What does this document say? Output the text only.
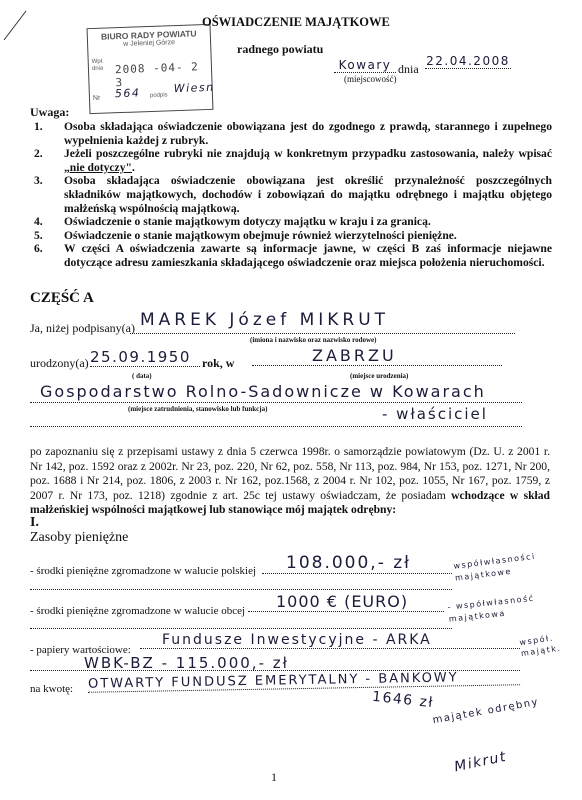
BIURO RADY POWIATU
w Jeleniej Górze
Wpł.
dnia 2008 -04- 2 3
Nr 564 podpis
Wiesn
OŚWIADCZENIE MAJĄTKOWE
radnego powiatu
Kowary dnia
22.04.2008
(miejscowość)
Uwaga:
1.	Osoba składająca oświadczenie obowiązana jest do zgodnego z prawdą, starannego i zupełnego wypełnienia każdej z rubryk.
2.	Jeżeli poszczególne rubryki nie znajdują w konkretnym przypadku zastosowania, należy wpisać „nie dotyczy".
3.	Osoba składająca oświadczenie obowiązana jest określić przynależność poszczególnych składników majątkowych, dochodów i zobowiązań do majątku odrębnego i majątku objętego małżeńską wspólnością majątkową.
4.	Oświadczenie o stanie majątkowym dotyczy majątku w kraju i za granicą.
5.	Oświadczenie o stanie majątkowym obejmuje również wierzytelności pieniężne.
6.	W części A oświadczenia zawarte są informacje jawne, w części B zaś informacje niejawne dotyczące adresu zamieszkania składającego oświadczenie oraz miejsca położenia nieruchomości.
CZĘŚĆ A
Ja, niżej podpisany(a) MAREK Józef MIKRUT
(imiona i nazwisko oraz nazwisko rodowe)
urodzony(a) 25.09.1950 rok, w	ZABRZU
( data)	(miejsce urodzenia)
Gospodarstwo Rolno-Sadownicze w Kowarach
(miejsce zatrudnienia, stanowisko lub funkcja)	- właściciel
po zapoznaniu się z przepisami ustawy z dnia 5 czerwca 1998r. o samorządzie powiatowym (Dz. U. z 2001 r. Nr 142, poz. 1592 oraz z 2002r. Nr 23, poz. 220, Nr 62, poz. 558, Nr 113, poz. 984, Nr 153, poz. 1271, Nr 200, poz. 1688 i Nr 214, poz. 1806, z 2003 r. Nr 162, poz.1568, z 2004 r. Nr 102, poz. 1055, Nr 167, poz. 1759, z 2007 r. Nr 173, poz. 1218) zgodnie z art. 25c tej ustawy oświadczam, że posiadam wchodzące w skład małżeńskiej wspólności majątkowej lub stanowiące mój majątek odrębny:
I.
Zasoby pieniężne
- środki pieniężne zgromadzone w walucie polskiej	108.000,- zł	współwłasności majątkowe
- środki pieniężne zgromadzone w walucie obcej	1000 € (EURO)	- współwłasność majątkowa
- papiery wartościowe:
Fundusze Inwestycyjne - ARKA	współ. majątk.
WBK-BZ - 115.000,- zł
na kwotę: OTWARTY FUNDUSZ EMERYTALNY - BANKOWY
1646 zł
majątek odrębny
1
Mikrut
